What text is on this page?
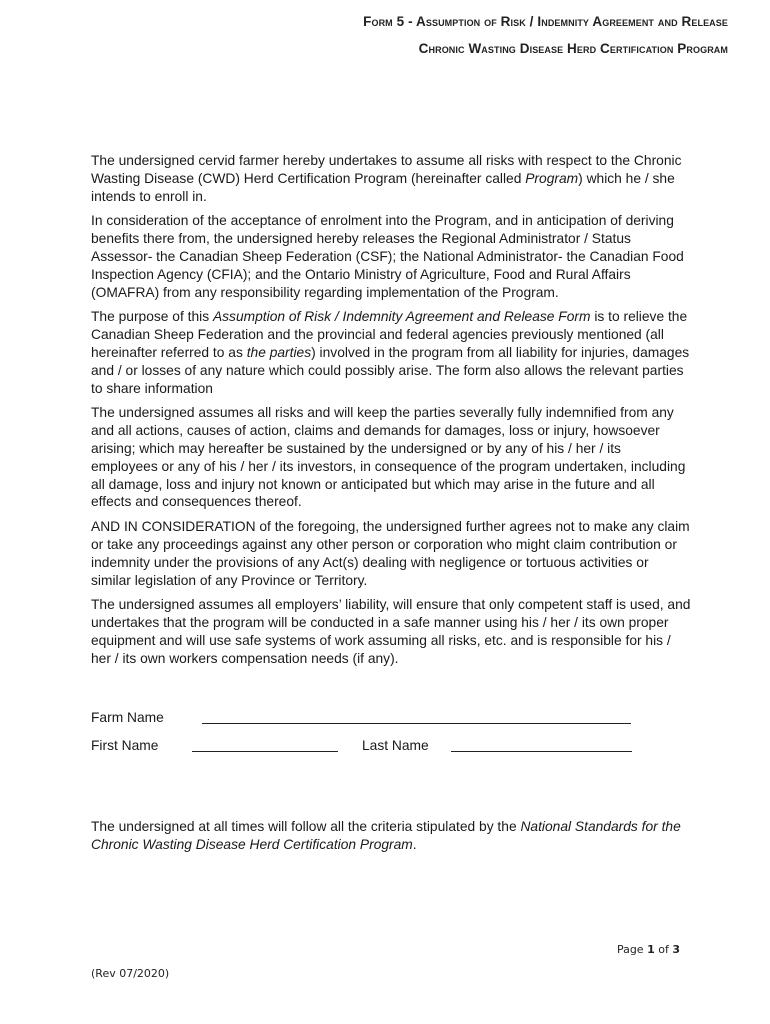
Form 5 - Assumption of Risk / Indemnity Agreement and Release
Chronic Wasting Disease Herd Certification Program

The undersigned cervid farmer hereby undertakes to assume all risks with respect to the Chronic Wasting Disease (CWD) Herd Certification Program (hereinafter called Program) which he / she intends to enroll in.

In consideration of the acceptance of enrolment into the Program, and in anticipation of deriving benefits there from, the undersigned hereby releases the Regional Administrator / Status Assessor- the Canadian Sheep Federation (CSF); the National Administrator- the Canadian Food Inspection Agency (CFIA); and the Ontario Ministry of Agriculture, Food and Rural Affairs (OMAFRA) from any responsibility regarding implementation of the Program.

The purpose of this Assumption of Risk / Indemnity Agreement and Release Form is to relieve the Canadian Sheep Federation and the provincial and federal agencies previously mentioned (all hereinafter referred to as the parties) involved in the program from all liability for injuries, damages and / or losses of any nature which could possibly arise. The form also allows the relevant parties to share information

The undersigned assumes all risks and will keep the parties severally fully indemnified from any and all actions, causes of action, claims and demands for damages, loss or injury, howsoever arising; which may hereafter be sustained by the undersigned or by any of his / her / its employees or any of his / her / its investors, in consequence of the program undertaken, including all damage, loss and injury not known or anticipated but which may arise in the future and all effects and consequences thereof.

AND IN CONSIDERATION of the foregoing, the undersigned further agrees not to make any claim or take any proceedings against any other person or corporation who might claim contribution or indemnity under the provisions of any Act(s) dealing with negligence or tortuous activities or similar legislation of any Province or Territory.

The undersigned assumes all employers’ liability, will ensure that only competent staff is used, and undertakes that the program will be conducted in a safe manner using his / her / its own proper equipment and will use safe systems of work assuming all risks, etc. and is responsible for his / her / its own workers compensation needs (if any).

Farm Name
First Name	Last Name
The undersigned at all times will follow all the criteria stipulated by the National Standards for the Chronic Wasting Disease Herd Certification Program.
Page 1 of 3
(Rev 07/2020)
